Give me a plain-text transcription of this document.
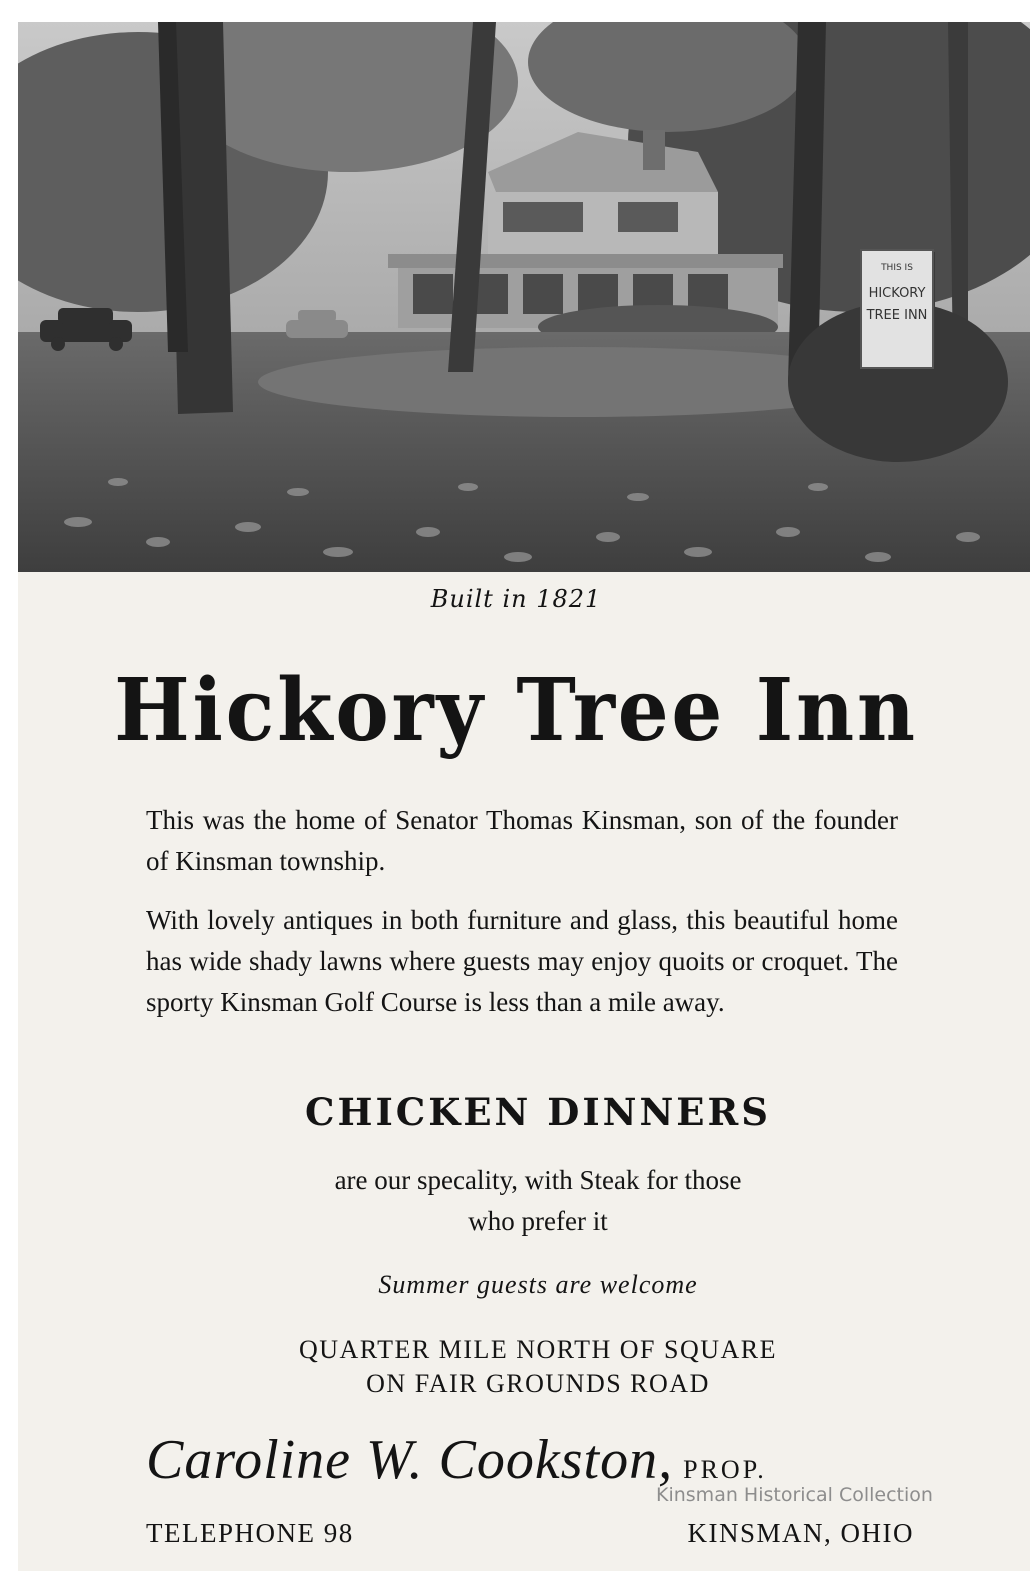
THIS IS
HICKORY
TREE INN
Built in 1821
Hickory Tree Inn
This was the home of Senator Thomas Kinsman, son of the founder of Kinsman township.
With lovely antiques in both furniture and glass, this beautiful home has wide shady lawns where guests may enjoy quoits or croquet. The sporty Kinsman Golf Course is less than a mile away.
CHICKEN DINNERS
are our specality, with Steak for those
who prefer it
Summer guests are welcome
QUARTER MILE NORTH OF SQUARE
ON FAIR GROUNDS ROAD
Caroline W. Cookston, PROP.
Kinsman Historical Collection
TELEPHONE 98	KINSMAN, OHIO
